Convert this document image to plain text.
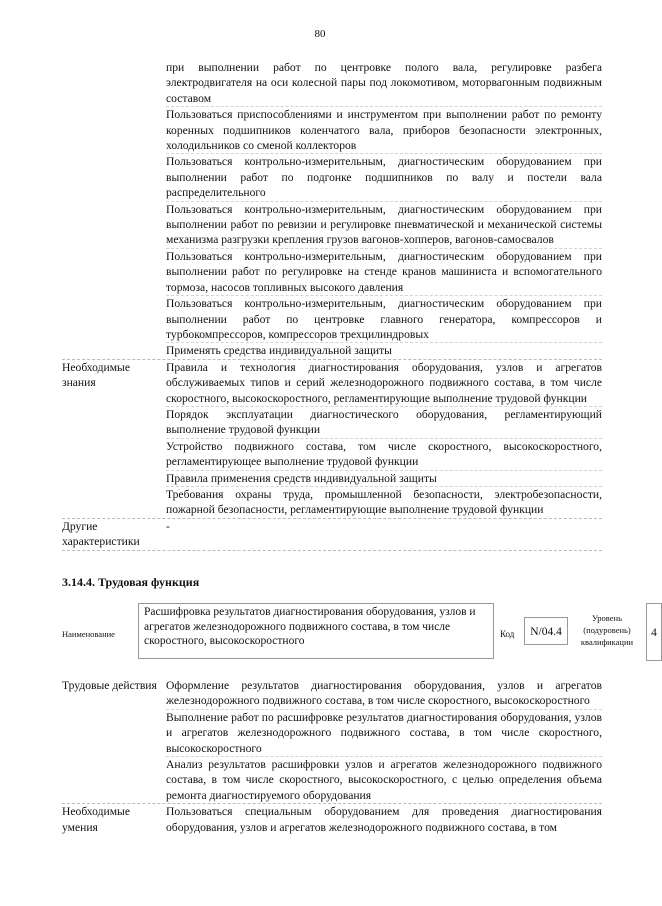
80
при выполнении работ по центровке полого вала, регулировке разбега электродвигателя на оси колесной пары под локомотивом, моторвагонным подвижным составом
Пользоваться приспособлениями и инструментом при выполнении работ по ремонту коренных подшипников коленчатого вала, приборов безопасности электронных, холодильников со сменой коллекторов
Пользоваться контрольно-измерительным, диагностическим оборудованием при выполнении работ по подгонке подшипников по валу и постели вала распределительного
Пользоваться контрольно-измерительным, диагностическим оборудованием при выполнении работ по ревизии и регулировке пневматической и механической системы механизма разгрузки крепления грузов вагонов-хопперов, вагонов-самосвалов
Пользоваться контрольно-измерительным, диагностическим оборудованием при выполнении работ по регулировке на стенде кранов машиниста и вспомогательного тормоза, насосов топливных высокого давления
Пользоваться контрольно-измерительным, диагностическим оборудованием при выполнении работ по центровке главного генератора, компрессоров и турбокомпрессоров, компрессоров трехцилиндровых
Применять средства индивидуальной защиты
Необходимые знания
Правила и технология диагностирования оборудования, узлов и агрегатов обслуживаемых типов и серий железнодорожного подвижного состава, в том числе скоростного, высокоскоростного, регламентирующие выполнение трудовой функции
Порядок эксплуатации диагностического оборудования, регламентирующий выполнение трудовой функции
Устройство подвижного состава, том числе скоростного, высокоскоростного, регламентирующее выполнение трудовой функции
Правила применения средств индивидуальной защиты
Требования охраны труда, промышленной безопасности, электробезопасности, пожарной безопасности, регламентирующие выполнение трудовой функции
Другие характеристики
-
3.14.4. Трудовая функция
Наименование
Расшифровка результатов диагностирования оборудования, узлов и агрегатов железнодорожного подвижного состава, в том числе скоростного, высокоскоростного
Код	N/04.4
Уровень (подуровень) квалификации
4
Трудовые действия Оформление результатов диагностирования оборудования, узлов и агрегатов железнодорожного подвижного состава, в том числе скоростного, высокоскоростного
Выполнение работ по расшифровке результатов диагностирования оборудования, узлов и агрегатов железнодорожного подвижного состава, в том числе скоростного, высокоскоростного
Анализ результатов расшифровки узлов и агрегатов железнодорожного подвижного состава, в том числе скоростного, высокоскоростного, с целью определения объема ремонта диагностируемого оборудования
Необходимые умения
Пользоваться специальным оборудованием для проведения диагностирования оборудования, узлов и агрегатов железнодорожного подвижного состава, в том
